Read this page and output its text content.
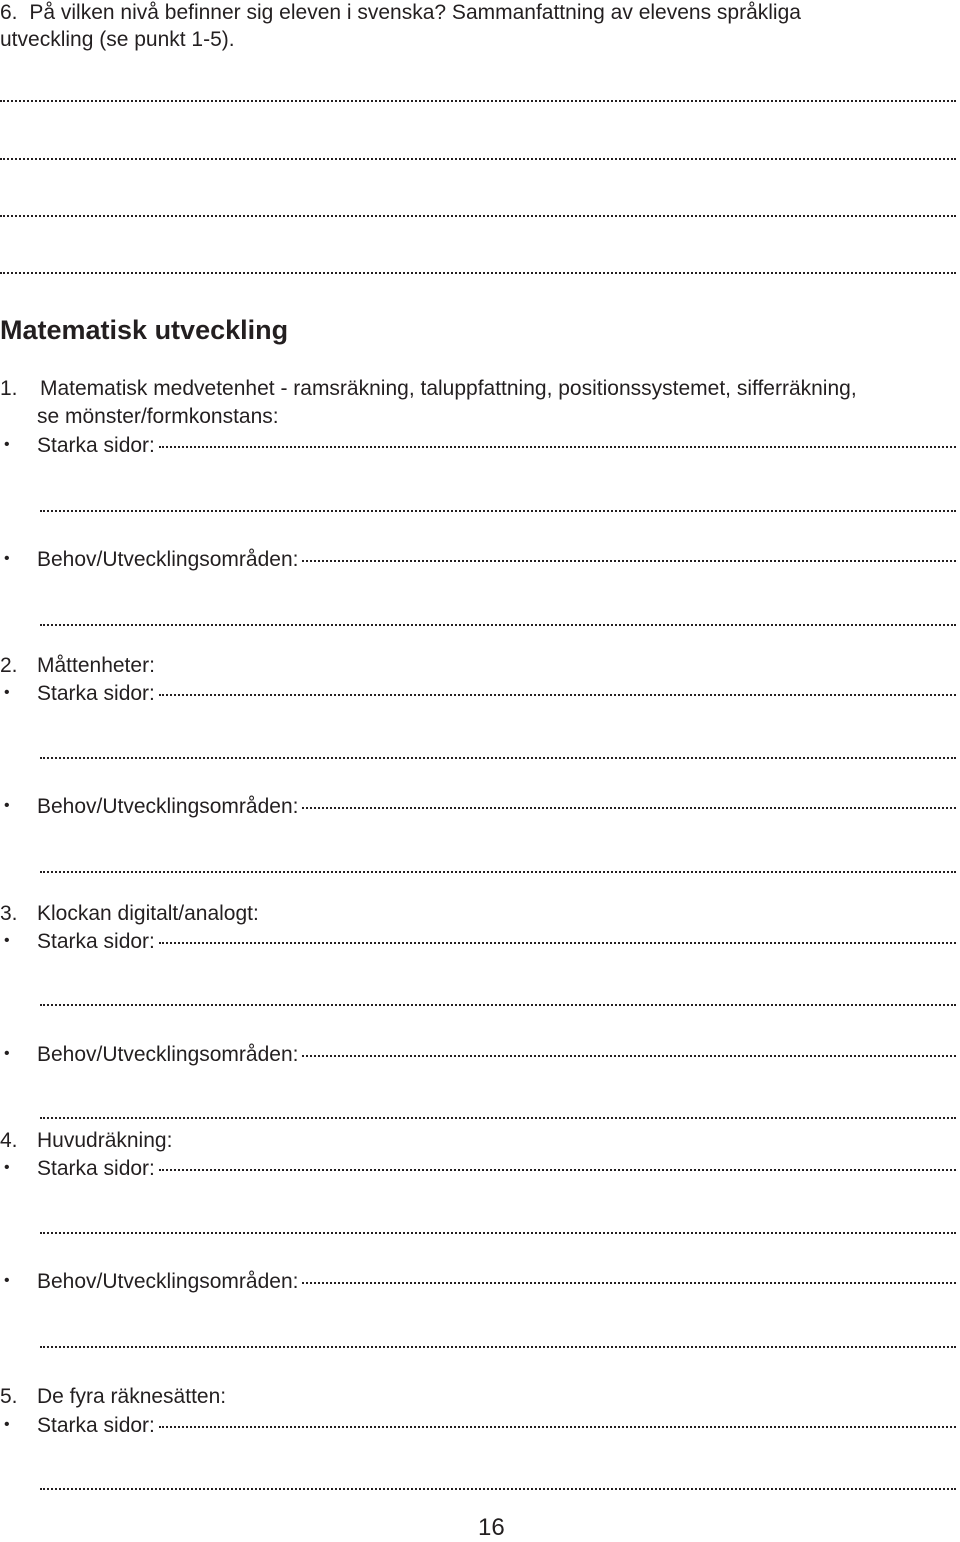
6. På vilken nivå befinner sig eleven i svenska? Sammanfattning av elevens språkliga
utveckling (se punkt 1-5).
Matematisk utveckling
1. Matematisk medvetenhet - ramsräkning, taluppfattning, positionssystemet, sifferräkning,
se mönster/formkonstans:
• Starka sidor:
• Behov/Utvecklingsområden:
2. Måttenheter:
• Starka sidor:
• Behov/Utvecklingsområden:
3. Klockan digitalt/analogt:
• Starka sidor:
• Behov/Utvecklingsområden:
4. Huvudräkning:
• Starka sidor:
• Behov/Utvecklingsområden:
5. De fyra räknesätten:
• Starka sidor:
16
